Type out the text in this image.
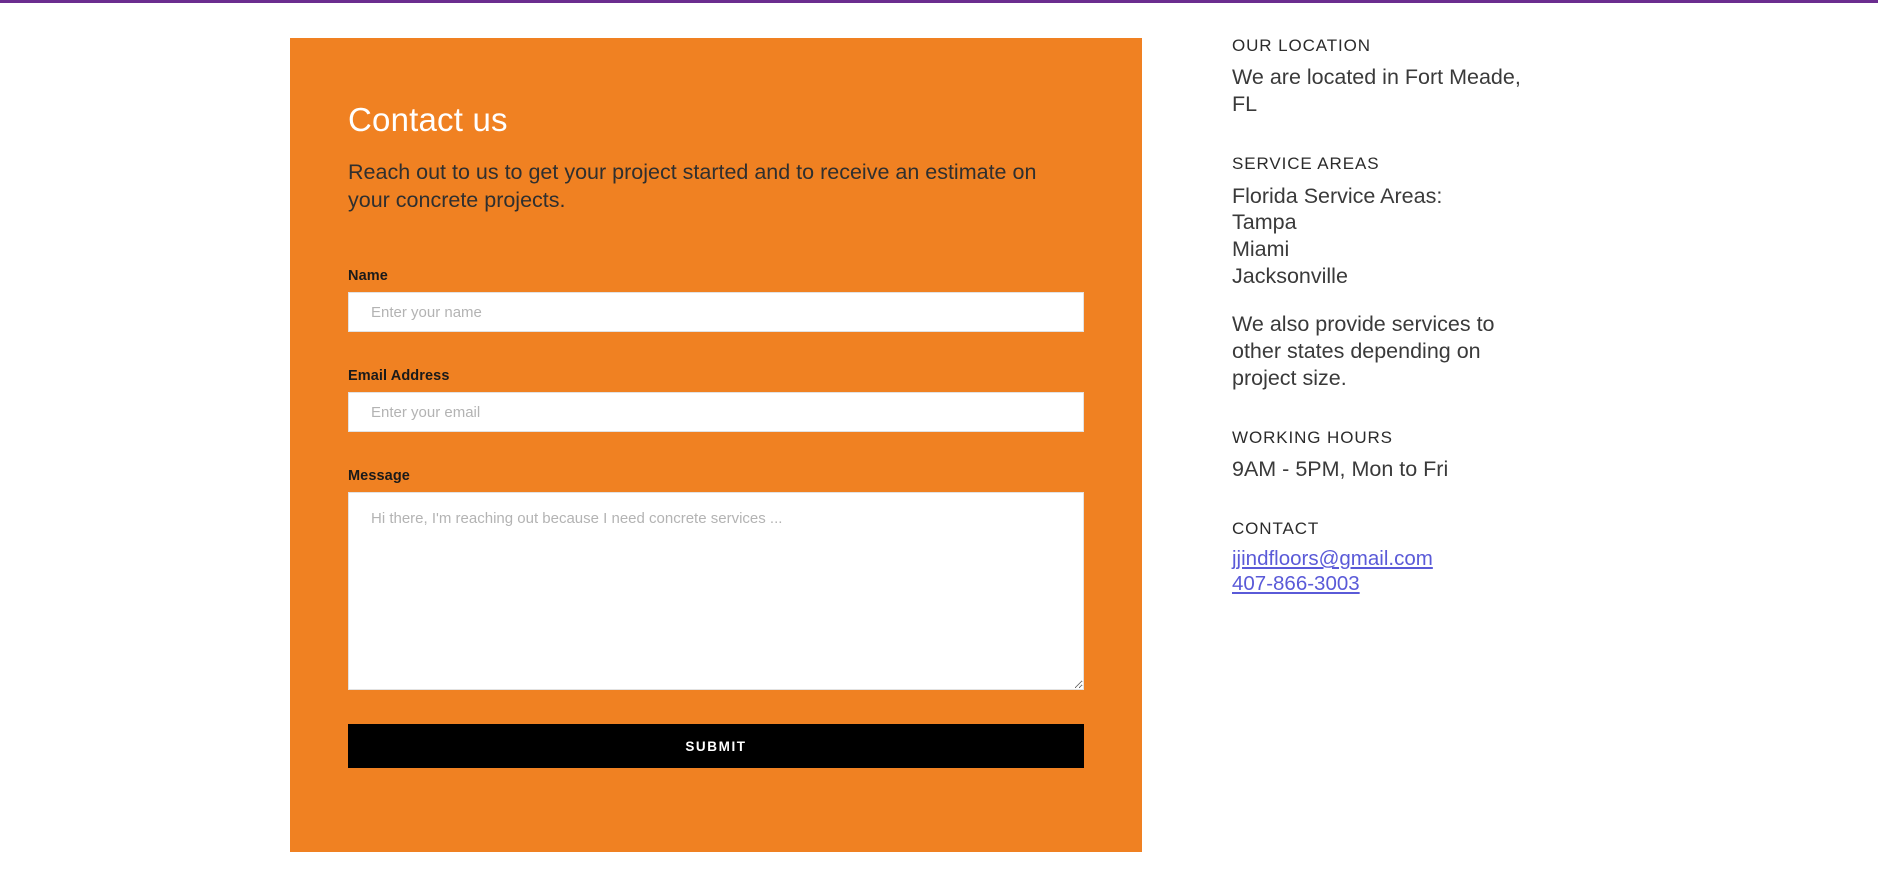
Contact us

Reach out to us to get your project started and to receive an estimate on your concrete projects.

Name
Enter your name
Email Address
Enter your email
Message
Hi there, I'm reaching out because I need concrete services ...
SUBMIT
OUR LOCATION

We are located in Fort Meade, FL

SERVICE AREAS

Florida Service Areas:
Tampa
Miami
Jacksonville
We also provide services to other states depending on project size.

WORKING HOURS

9AM - 5PM, Mon to Fri

CONTACT
jjindfloors@gmail.com
407-866-3003
